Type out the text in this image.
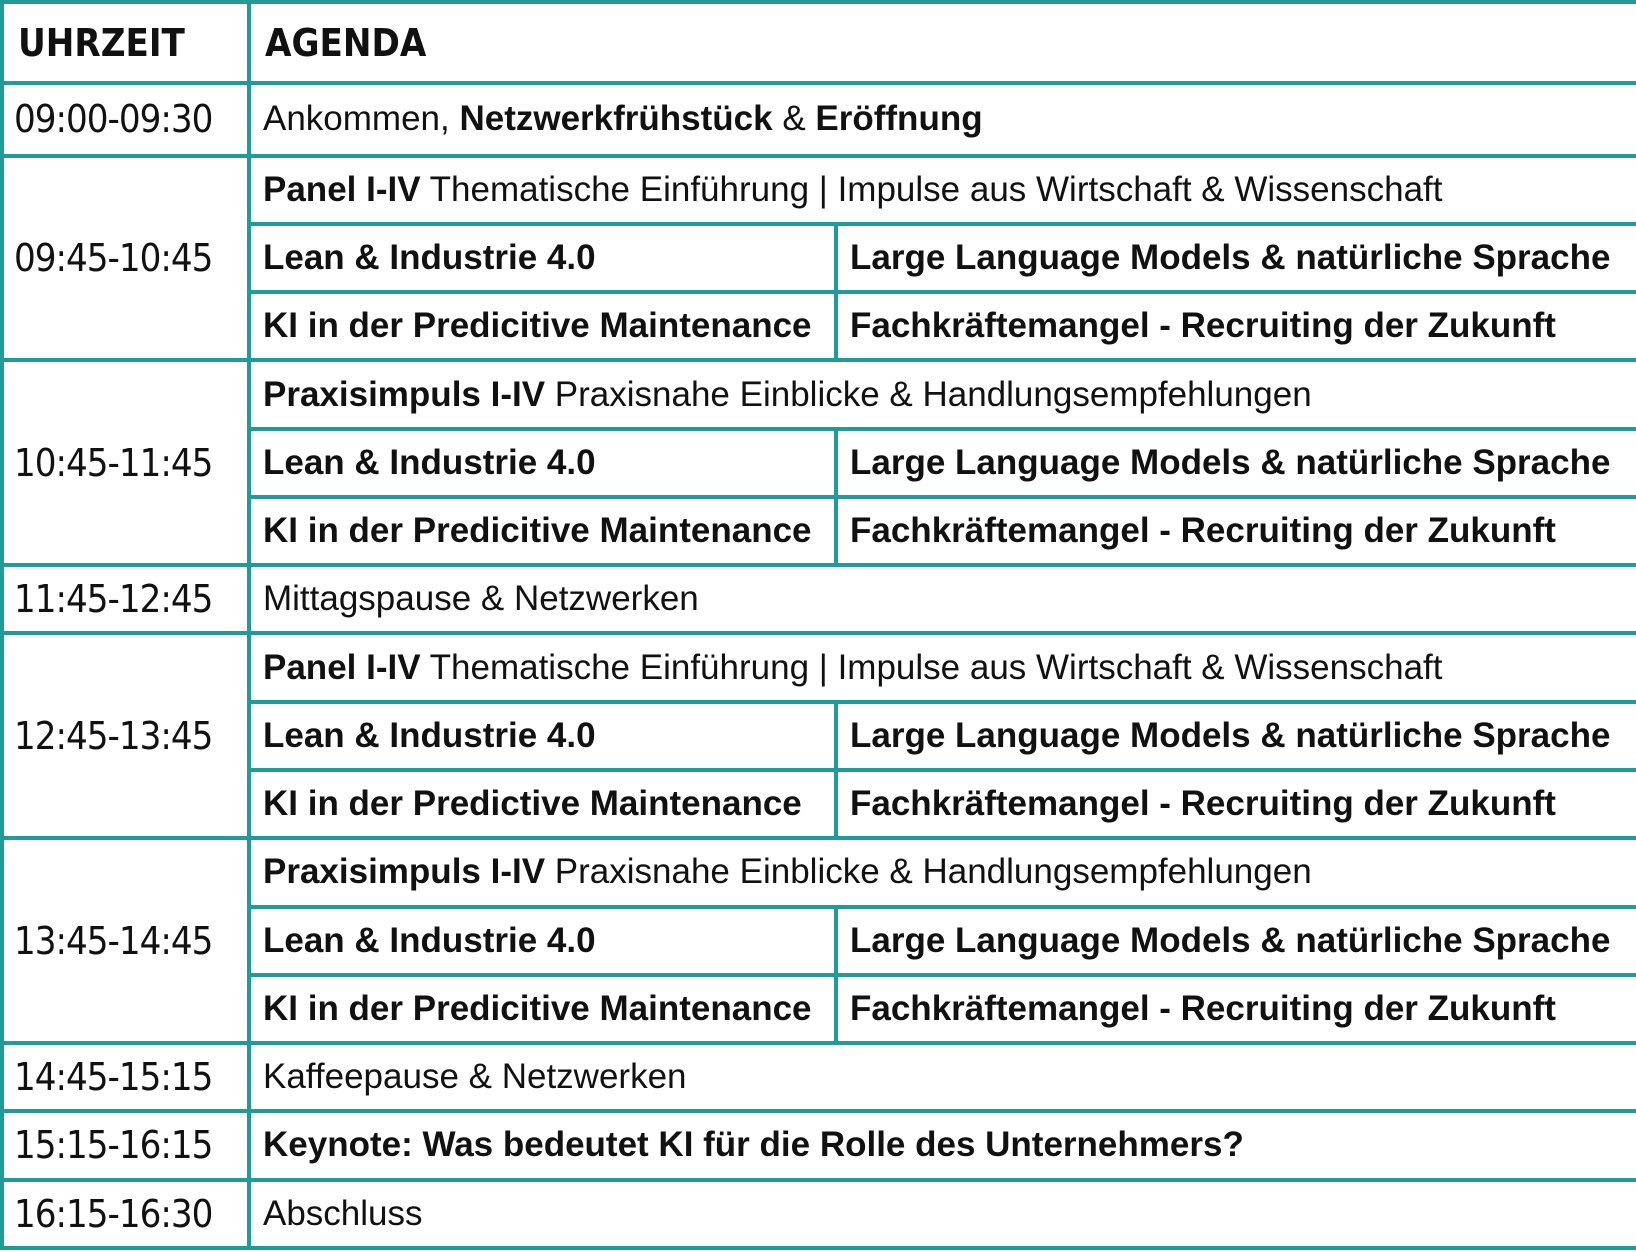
UHRZEIT	AGENDA	
09:00-09:30	Ankommen, Netzwerkfrühstück & Eröffnung	
09:45-10:45	Panel I-IV Thematische Einführung | Impulse aus Wirtschaft & Wissenschaft	
	Lean & Industrie 4.0	Large Language Models & natürliche Sprache
	KI in der Predicitive Maintenance	Fachkräftemangel - Recruiting der Zukunft
10:45-11:45	Praxisimpuls I-IV Praxisnahe Einblicke & Handlungsempfehlungen	
	Lean & Industrie 4.0	Large Language Models & natürliche Sprache
	KI in der Predicitive Maintenance	Fachkräftemangel - Recruiting der Zukunft
11:45-12:45	Mittagspause & Netzwerken	
12:45-13:45	Panel I-IV Thematische Einführung | Impulse aus Wirtschaft & Wissenschaft	
	Lean & Industrie 4.0	Large Language Models & natürliche Sprache
	KI in der Predictive Maintenance	Fachkräftemangel - Recruiting der Zukunft
13:45-14:45	Praxisimpuls I-IV Praxisnahe Einblicke & Handlungsempfehlungen	
	Lean & Industrie 4.0	Large Language Models & natürliche Sprache
	KI in der Predicitive Maintenance	Fachkräftemangel - Recruiting der Zukunft
14:45-15:15	Kaffeepause & Netzwerken	
15:15-16:15	Keynote: Was bedeutet KI für die Rolle des Unternehmers?	
16:15-16:30	Abschluss	
